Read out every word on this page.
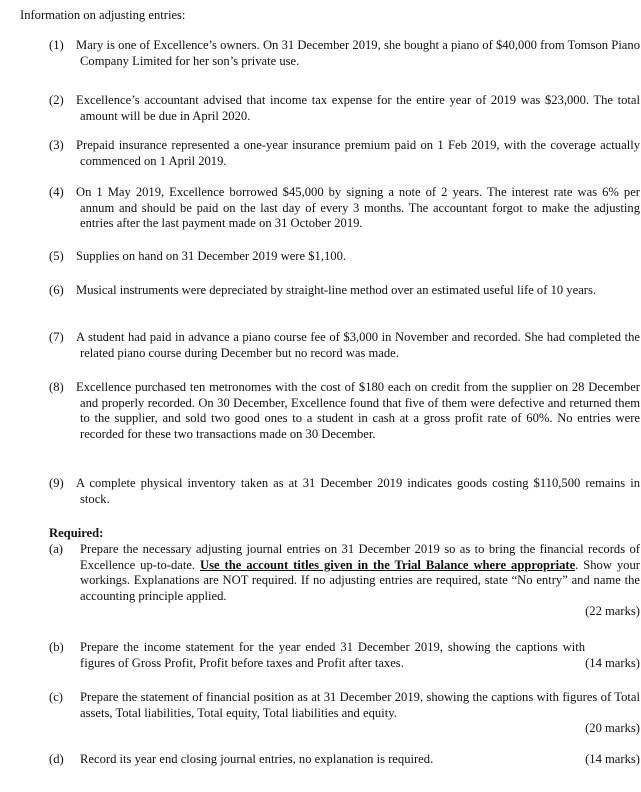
Information on adjusting entries:
(1) Mary is one of Excellence’s owners. On 31 December 2019, she bought a piano of $40,000 from Tomson Piano Company Limited for her son’s private use.
(2) Excellence’s accountant advised that income tax expense for the entire year of 2019 was $23,000. The total amount will be due in April 2020.
(3) Prepaid insurance represented a one-year insurance premium paid on 1 Feb 2019, with the coverage actually commenced on 1 April 2019.
(4) On 1 May 2019, Excellence borrowed $45,000 by signing a note of 2 years. The interest rate was 6% per annum and should be paid on the last day of every 3 months. The accountant forgot to make the adjusting entries after the last payment made on 31 October 2019.
(5) Supplies on hand on 31 December 2019 were $1,100.
(6) Musical instruments were depreciated by straight-line method over an estimated useful life of 10 years.
(7) A student had paid in advance a piano course fee of $3,000 in November and recorded. She had completed the related piano course during December but no record was made.
(8) Excellence purchased ten metronomes with the cost of $180 each on credit from the supplier on 28 December and properly recorded. On 30 December, Excellence found that five of them were defective and returned them to the supplier, and sold two good ones to a student in cash at a gross profit rate of 60%. No entries were recorded for these two transactions made on 30 December.
(9) A complete physical inventory taken as at 31 December 2019 indicates goods costing $110,500 remains in stock.
Required:
(a) Prepare the necessary adjusting journal entries on 31 December 2019 so as to bring the financial records of Excellence up-to-date. Use the account titles given in the Trial Balance where appropriate. Show your workings. Explanations are NOT required. If no adjusting entries are required, state “No entry” and name the accounting principle applied.
(22 marks)
(b)
(14 marks)
Prepare the income statement for the year ended 31 December 2019, showing the captions with figures of Gross Profit, Profit before taxes and Profit after taxes.
(c) Prepare the statement of financial position as at 31 December 2019, showing the captions with figures of Total assets, Total liabilities, Total equity, Total liabilities and equity.
(20 marks)
(d)	(14 marks)
Record its year end closing journal entries, no explanation is required.
